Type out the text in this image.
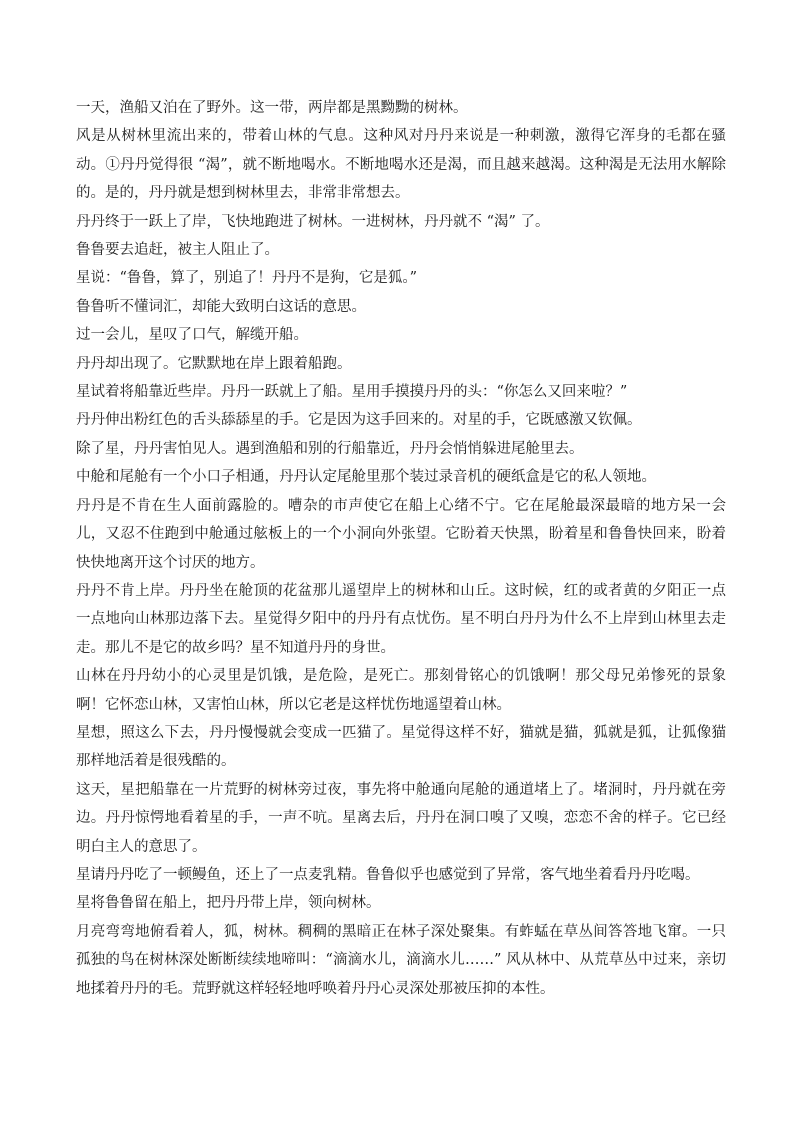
一天，渔船又泊在了野外。这一带，两岸都是黑黝黝的树林。

风是从树林里流出来的，带着山林的气息。这种风对丹丹来说是一种刺激，激得它浑身的毛都在骚动。①丹丹觉得很 “渴”，就不断地喝水。不断地喝水还是渴，而且越来越渴。这种渴是无法用水解除的。是的，丹丹就是想到树林里去，非常非常想去。

丹丹终于一跃上了岸，飞快地跑进了树林。一进树林，丹丹就不 “渴” 了。

鲁鲁要去追赶，被主人阻止了。

星说：“鲁鲁，算了，别追了！丹丹不是狗，它是狐。”

鲁鲁听不懂词汇，却能大致明白这话的意思。

过一会儿，星叹了口气，解缆开船。

丹丹却出现了。它默默地在岸上跟着船跑。

星试着将船靠近些岸。丹丹一跃就上了船。星用手摸摸丹丹的头：“你怎么又回来啦？”

丹丹伸出粉红色的舌头舔舔星的手。它是因为这手回来的。对星的手，它既感激又钦佩。

除了星，丹丹害怕见人。遇到渔船和别的行船靠近，丹丹会悄悄躲进尾舱里去。

中舱和尾舱有一个小口子相通，丹丹认定尾舱里那个装过录音机的硬纸盒是它的私人领地。

丹丹是不肯在生人面前露脸的。嘈杂的市声使它在船上心绪不宁。它在尾舱最深最暗的地方呆一会儿，又忍不住跑到中舱通过舷板上的一个小洞向外张望。它盼着天快黑，盼着星和鲁鲁快回来，盼着快快地离开这个讨厌的地方。

丹丹不肯上岸。丹丹坐在舱顶的花盆那儿遥望岸上的树林和山丘。这时候，红的或者黄的夕阳正一点一点地向山林那边落下去。星觉得夕阳中的丹丹有点忧伤。星不明白丹丹为什么不上岸到山林里去走走。那儿不是它的故乡吗？星不知道丹丹的身世。

山林在丹丹幼小的心灵里是饥饿，是危险，是死亡。那刻骨铭心的饥饿啊！那父母兄弟惨死的景象啊！它怀恋山林，又害怕山林，所以它老是这样忧伤地遥望着山林。

星想，照这么下去，丹丹慢慢就会变成一匹猫了。星觉得这样不好，猫就是猫，狐就是狐，让狐像猫那样地活着是很残酷的。

这天，星把船靠在一片荒野的树林旁过夜，事先将中舱通向尾舱的通道堵上了。堵洞时，丹丹就在旁边。丹丹惊愕地看着星的手，一声不吭。星离去后，丹丹在洞口嗅了又嗅，恋恋不舍的样子。它已经明白主人的意思了。

星请丹丹吃了一顿鳗鱼，还上了一点麦乳精。鲁鲁似乎也感觉到了异常，客气地坐着看丹丹吃喝。

星将鲁鲁留在船上，把丹丹带上岸，领向树林。

月亮弯弯地俯看着人，狐，树林。稠稠的黑暗正在林子深处聚集。有蚱蜢在草丛间答答地飞窜。一只孤独的鸟在树林深处断断续续地啼叫：“滴滴水儿，滴滴水儿……” 风从林中、从荒草丛中过来，亲切地揉着丹丹的毛。荒野就这样轻轻地呼唤着丹丹心灵深处那被压抑的本性。
